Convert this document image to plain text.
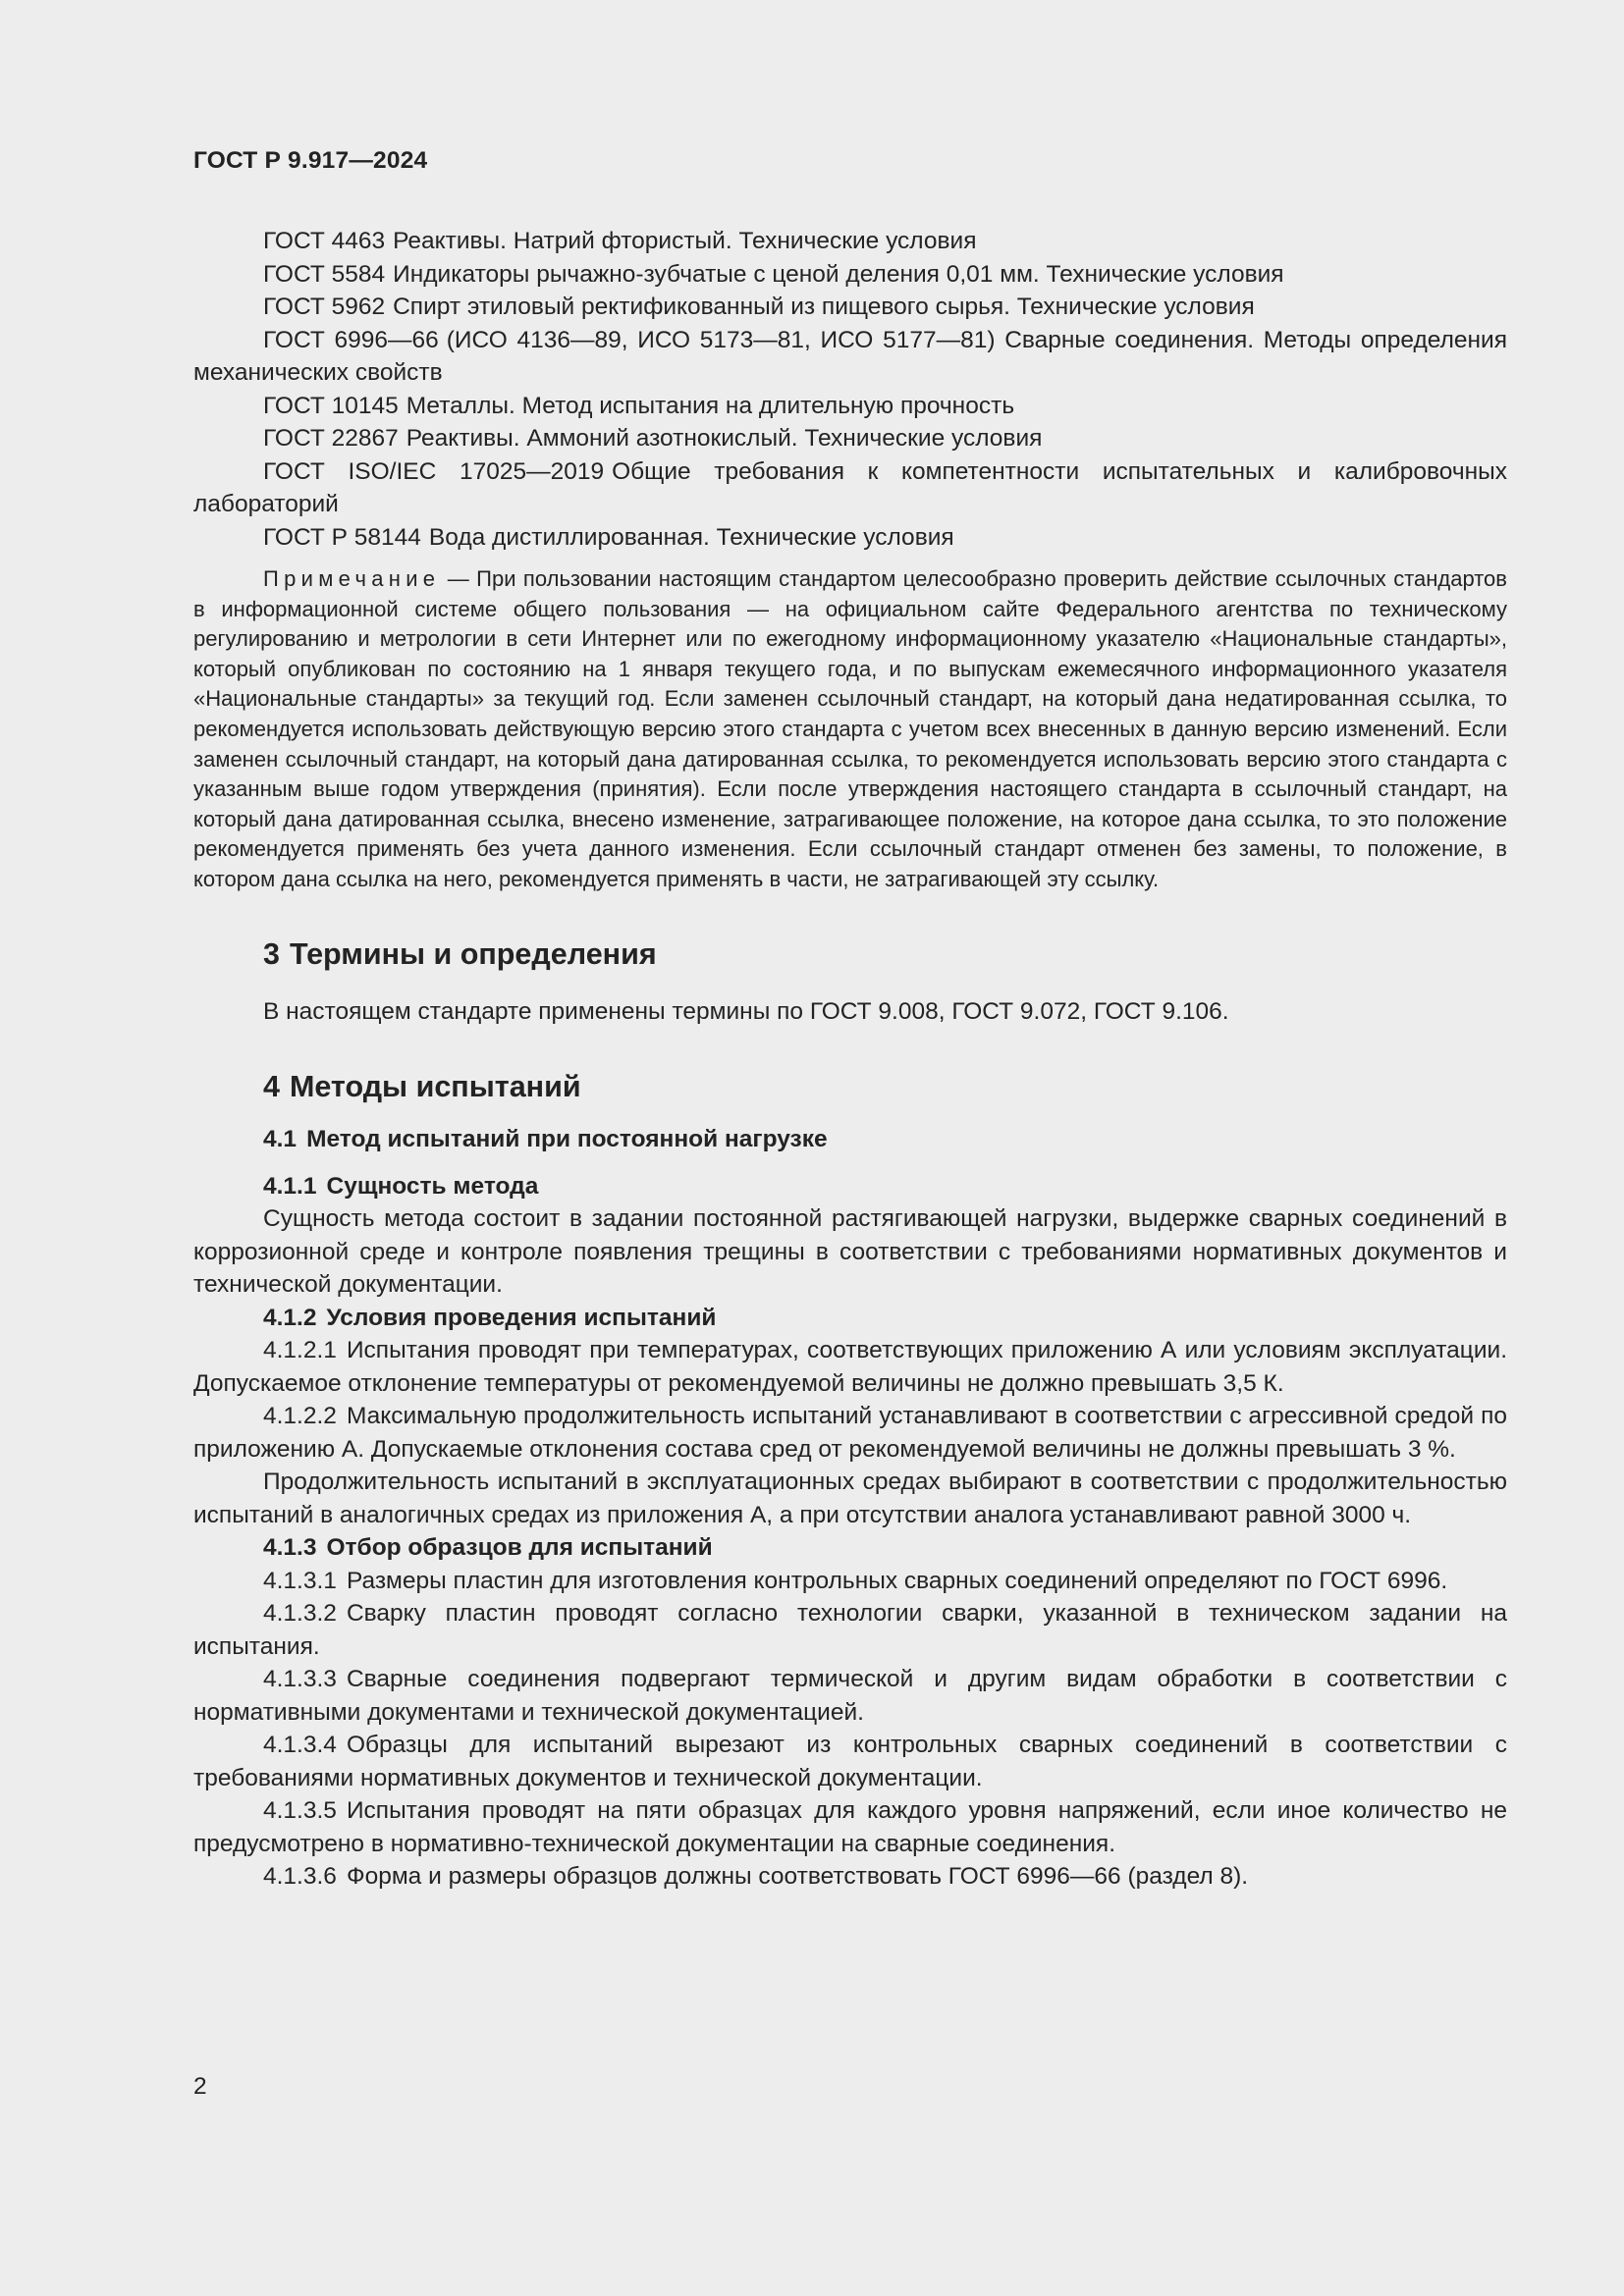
ГОСТ Р 9.917—2024

ГОСТ 4463 Реактивы. Натрий фтористый. Технические условия

ГОСТ 5584 Индикаторы рычажно-зубчатые с ценой деления 0,01 мм. Технические условия

ГОСТ 5962 Спирт этиловый ректификованный из пищевого сырья. Технические условия

ГОСТ 6996—66 (ИСО 4136—89, ИСО 5173—81, ИСО 5177—81) Сварные соединения. Методы определения механических свойств

ГОСТ 10145 Металлы. Метод испытания на длительную прочность

ГОСТ 22867 Реактивы. Аммоний азотнокислый. Технические условия

ГОСТ ISO/IEC 17025—2019 Общие требования к компетентности испытательных и калибровочных лабораторий

ГОСТ Р 58144 Вода дистиллированная. Технические условия

Примечание — При пользовании настоящим стандартом целесообразно проверить действие ссылочных стандартов в информационной системе общего пользования — на официальном сайте Федерального агентства по техническому регулированию и метрологии в сети Интернет или по ежегодному информационному указателю «Национальные стандарты», который опубликован по состоянию на 1 января текущего года, и по выпускам ежемесячного информационного указателя «Национальные стандарты» за текущий год. Если заменен ссылочный стандарт, на который дана недатированная ссылка, то рекомендуется использовать действующую версию этого стандарта с учетом всех внесенных в данную версию изменений. Если заменен ссылочный стандарт, на который дана датированная ссылка, то рекомендуется использовать версию этого стандарта с указанным выше годом утверждения (принятия). Если после утверждения настоящего стандарта в ссылочный стандарт, на который дана датированная ссылка, внесено изменение, затрагивающее положение, на которое дана ссылка, то это положение рекомендуется применять без учета данного изменения. Если ссылочный стандарт отменен без замены, то положение, в котором дана ссылка на него, рекомендуется применять в части, не затрагивающей эту ссылку.

3 Термины и определения

В настоящем стандарте применены термины по ГОСТ 9.008, ГОСТ 9.072, ГОСТ 9.106.

4 Методы испытаний
4.1 Метод испытаний при постоянной нагрузке
4.1.1 Сущность метода

Сущность метода состоит в задании постоянной растягивающей нагрузки, выдержке сварных соединений в коррозионной среде и контроле появления трещины в соответствии с требованиями нормативных документов и технической документации.

4.1.2 Условия проведения испытаний

4.1.2.1 Испытания проводят при температурах, соответствующих приложению А или условиям эксплуатации. Допускаемое отклонение температуры от рекомендуемой величины не должно превышать 3,5 К.

4.1.2.2 Максимальную продолжительность испытаний устанавливают в соответствии с агрессивной средой по приложению А. Допускаемые отклонения состава сред от рекомендуемой величины не должны превышать 3 %.

Продолжительность испытаний в эксплуатационных средах выбирают в соответствии с продолжительностью испытаний в аналогичных средах из приложения А, а при отсутствии аналога устанавливают равной 3000 ч.

4.1.3 Отбор образцов для испытаний

4.1.3.1 Размеры пластин для изготовления контрольных сварных соединений определяют по ГОСТ 6996.

4.1.3.2 Сварку пластин проводят согласно технологии сварки, указанной в техническом задании на испытания.

4.1.3.3 Сварные соединения подвергают термической и другим видам обработки в соответствии с нормативными документами и технической документацией.

4.1.3.4 Образцы для испытаний вырезают из контрольных сварных соединений в соответствии с требованиями нормативных документов и технической документации.

4.1.3.5 Испытания проводят на пяти образцах для каждого уровня напряжений, если иное количество не предусмотрено в нормативно-технической документации на сварные соединения.

4.1.3.6 Форма и размеры образцов должны соответствовать ГОСТ 6996—66 (раздел 8).

2
